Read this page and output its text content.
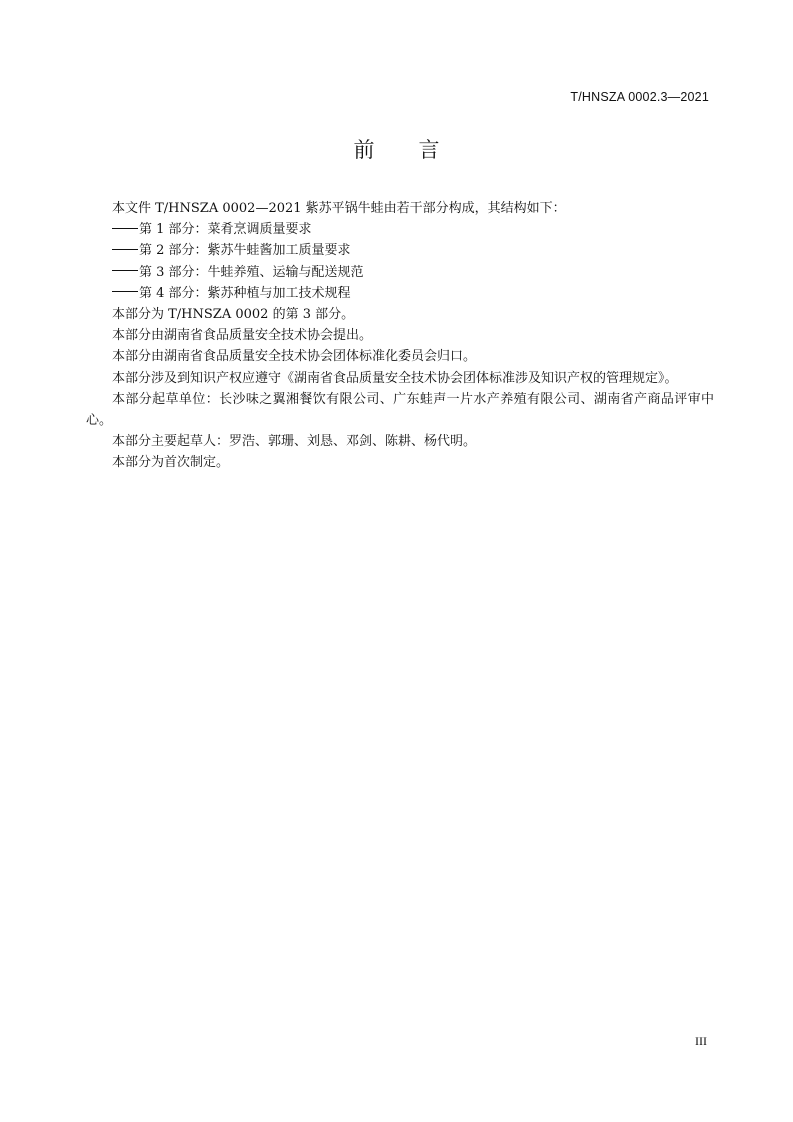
T/HNSZA 0002.3—2021
前言

本文件 T/HNSZA 0002—2021 紫苏平锅牛蛙由若干部分构成，其结构如下：

第 1 部分：菜肴烹调质量要求

第 2 部分：紫苏牛蛙酱加工质量要求

第 3 部分：牛蛙养殖、运输与配送规范

第 4 部分：紫苏种植与加工技术规程

本部分为 T/HNSZA 0002 的第 3 部分。

本部分由湖南省食品质量安全技术协会提出。

本部分由湖南省食品质量安全技术协会团体标准化委员会归口。

本部分涉及到知识产权应遵守《湖南省食品质量安全技术协会团体标准涉及知识产权的管理规定》。

本部分起草单位：长沙味之翼湘餐饮有限公司、广东蛙声一片水产养殖有限公司、湖南省产商品评审中心。

本部分主要起草人：罗浩、郭珊、刘恳、邓剑、陈耕、杨代明。

本部分为首次制定。

III
